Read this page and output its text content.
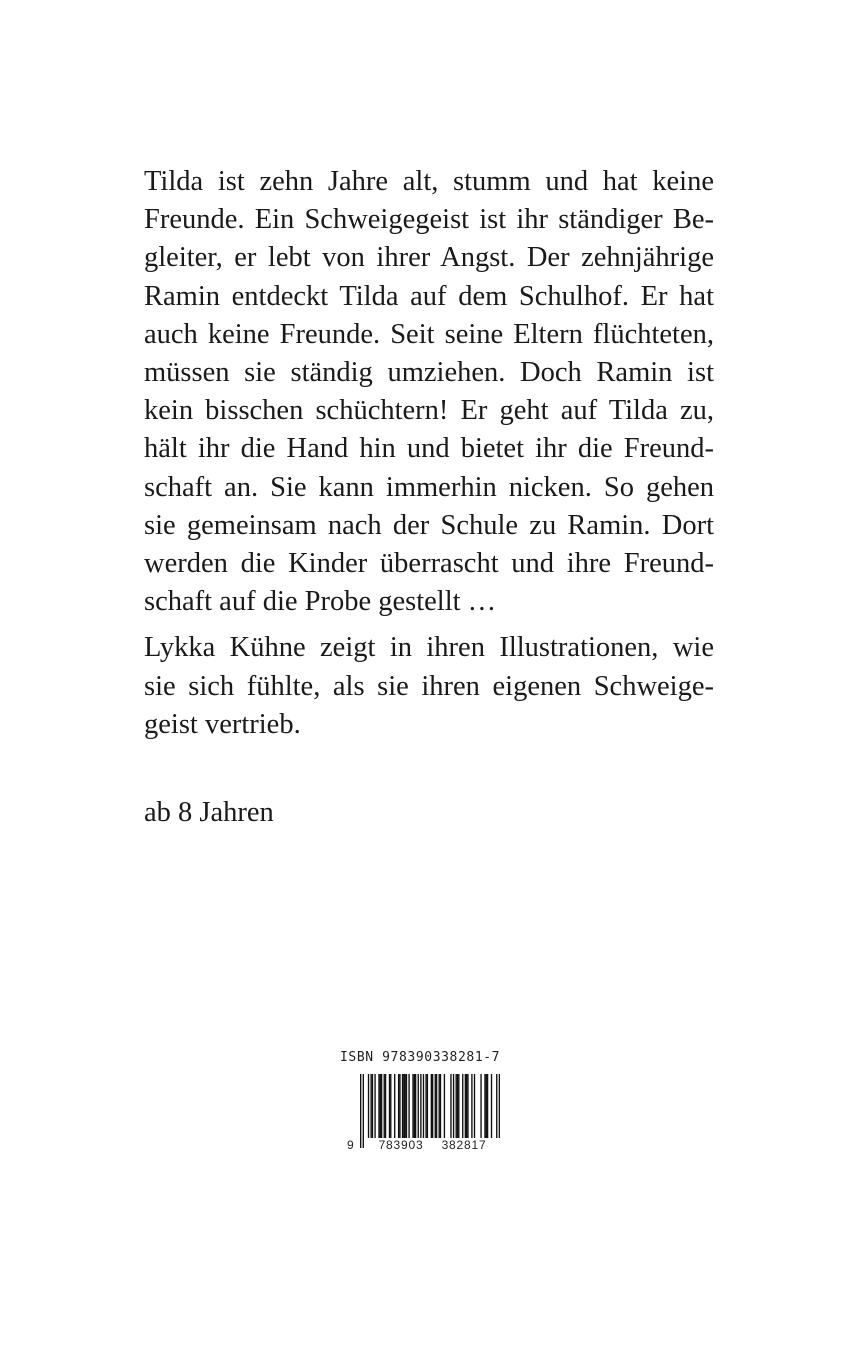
Tilda ist zehn Jahre alt, stumm und hat keine
Freunde. Ein Schweigegeist ist ihr ständiger Be-
gleiter, er lebt von ihrer Angst. Der zehnjährige
Ramin entdeckt Tilda auf dem Schulhof. Er hat
auch keine Freunde. Seit seine Eltern flüchteten,
müssen sie ständig umziehen. Doch Ramin ist
kein bisschen schüchtern! Er geht auf Tilda zu,
hält ihr die Hand hin und bietet ihr die Freund-
schaft an. Sie kann immerhin nicken. So gehen
sie gemeinsam nach der Schule zu Ramin. Dort
werden die Kinder überrascht und ihre Freund-
schaft auf die Probe gestellt …
Lykka Kühne zeigt in ihren Illustrationen, wie
sie sich fühlte, als sie ihren eigenen Schweige-
geist vertrieb.
ab 8 Jahren
ISBN 978390338281-7
9	783903	382817
